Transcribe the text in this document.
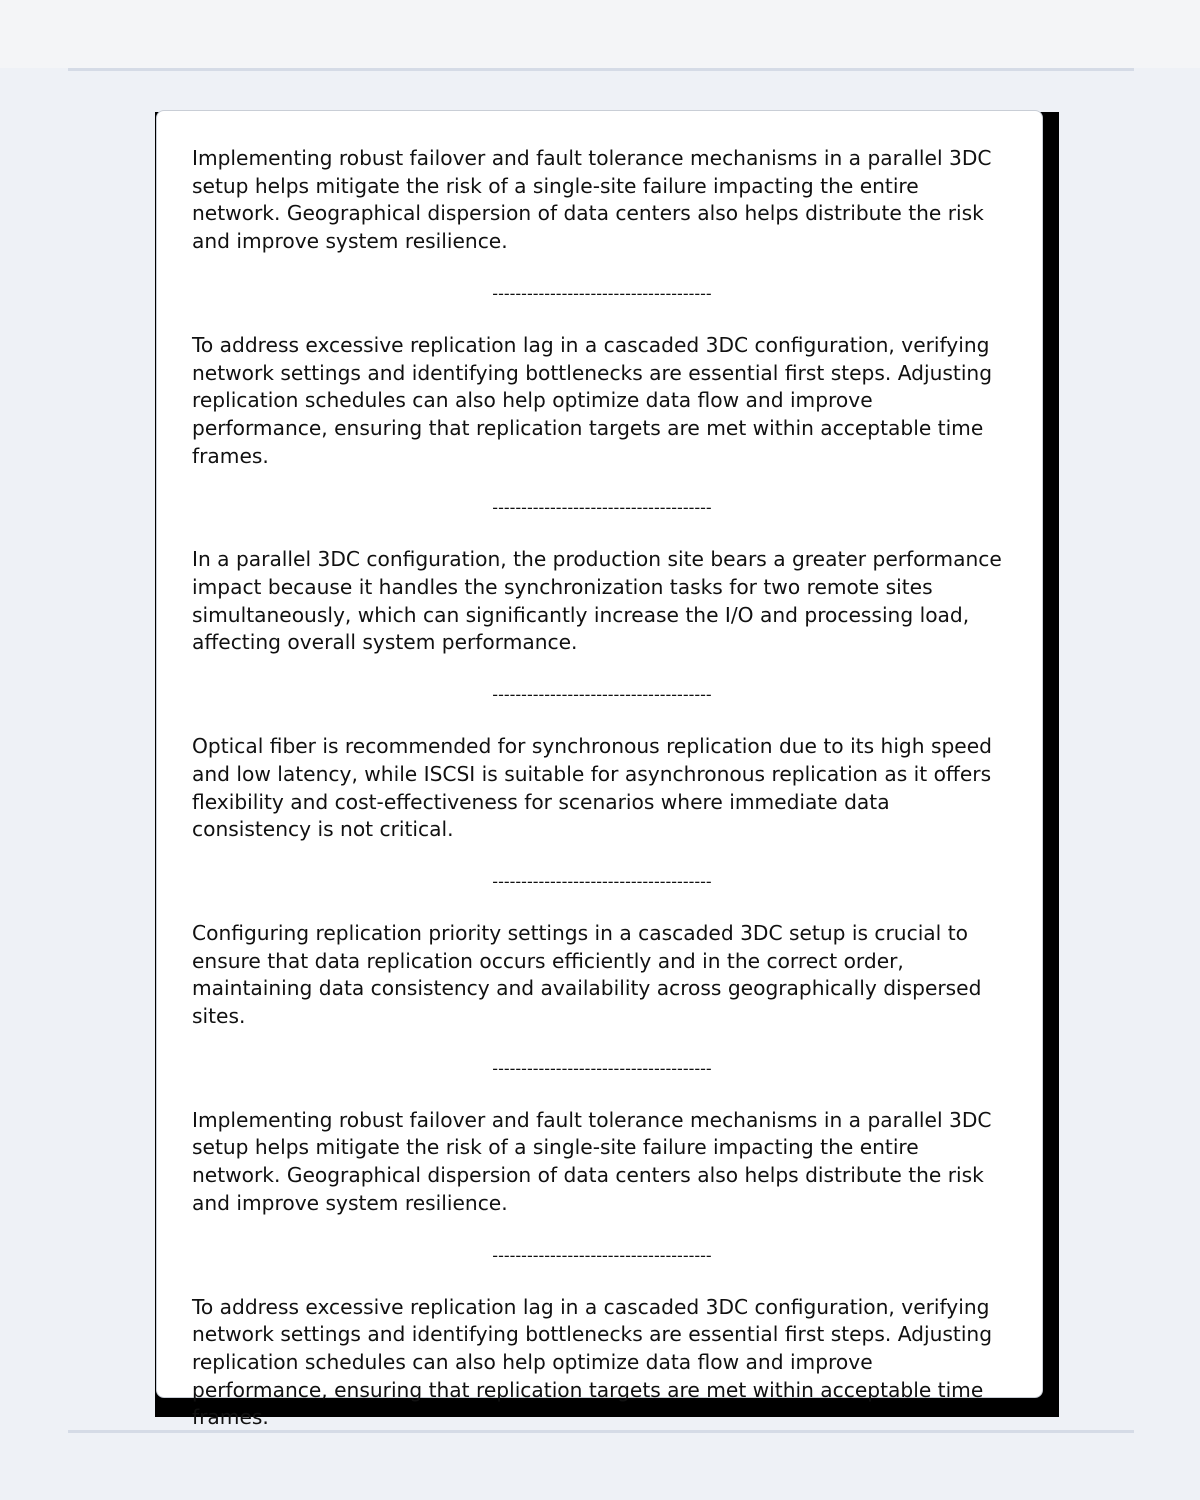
Implementing robust failover and fault tolerance mechanisms in a parallel 3DC setup helps mitigate the risk of a single-site failure impacting the entire network. Geographical dispersion of data centers also helps distribute the risk and improve system resilience.

--------------------------------------

To address excessive replication lag in a cascaded 3DC configuration, verifying network settings and identifying bottlenecks are essential first steps. Adjusting replication schedules can also help optimize data flow and improve performance, ensuring that replication targets are met within acceptable time frames.

--------------------------------------

In a parallel 3DC configuration, the production site bears a greater performance impact because it handles the synchronization tasks for two remote sites simultaneously, which can significantly increase the I/O and processing load, affecting overall system performance.

--------------------------------------

Optical fiber is recommended for synchronous replication due to its high speed and low latency, while ISCSI is suitable for asynchronous replication as it offers flexibility and cost-effectiveness for scenarios where immediate data consistency is not critical.

--------------------------------------

Configuring replication priority settings in a cascaded 3DC setup is crucial to ensure that data replication occurs efficiently and in the correct order, maintaining data consistency and availability across geographically dispersed sites.

--------------------------------------

Implementing robust failover and fault tolerance mechanisms in a parallel 3DC setup helps mitigate the risk of a single-site failure impacting the entire network. Geographical dispersion of data centers also helps distribute the risk and improve system resilience.

--------------------------------------

To address excessive replication lag in a cascaded 3DC configuration, verifying network settings and identifying bottlenecks are essential first steps. Adjusting replication schedules can also help optimize data flow and improve performance, ensuring that replication targets are met within acceptable time frames.
